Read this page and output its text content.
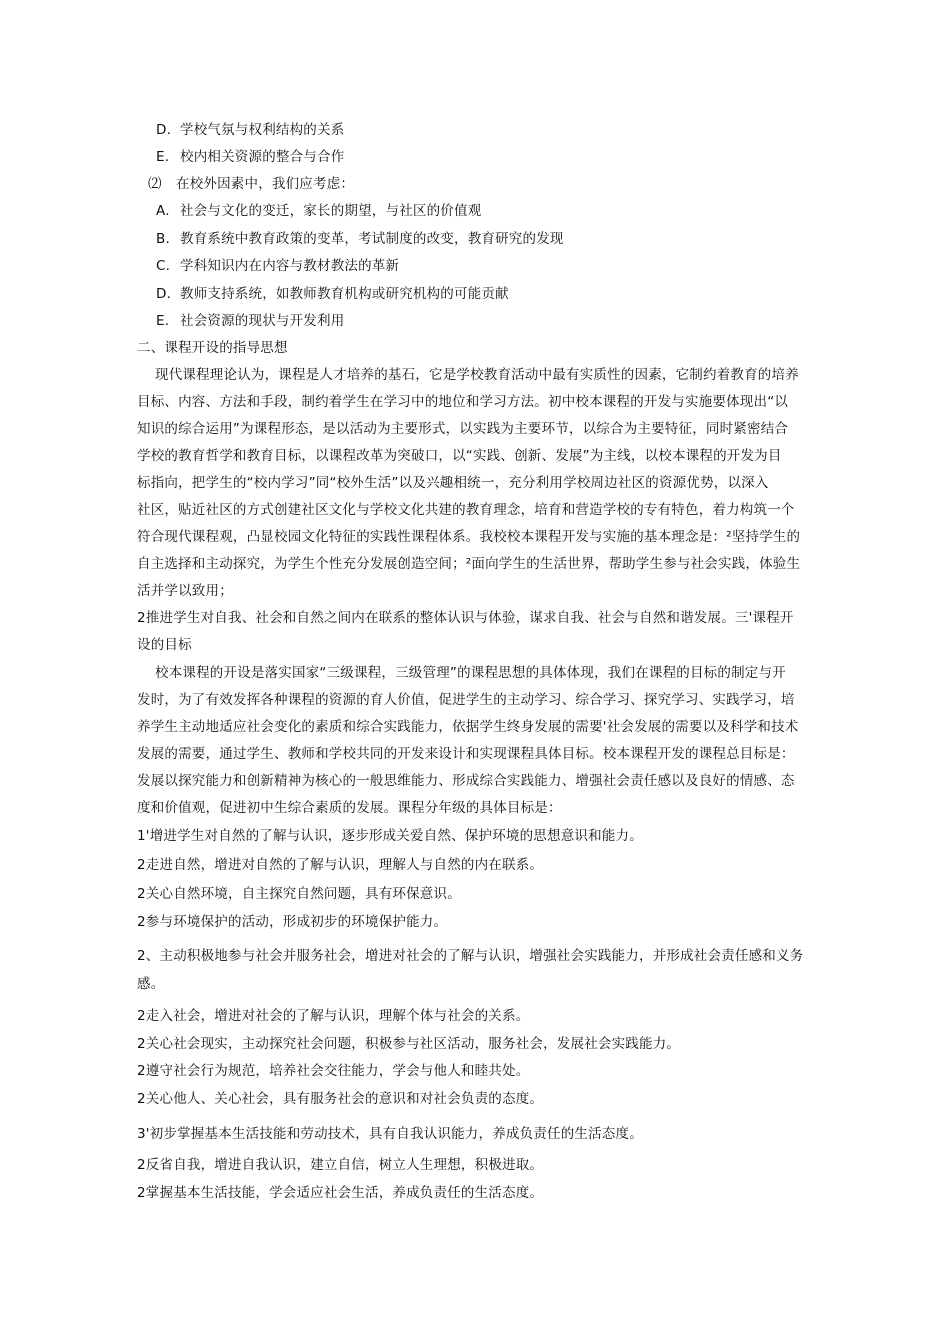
D. 学校气氛与权利结构的关系
E. 校内相关资源的整合与合作
⑵ 在校外因素中，我们应考虑：
A. 社会与文化的变迁，家长的期望，与社区的价值观
B. 教育系统中教育政策的变革，考试制度的改变，教育研究的发现
C. 学科知识内在内容与教材教法的革新
D. 教师支持系统，如教师教育机构或研究机构的可能贡献
E. 社会资源的现状与开发利用
二、课程开设的指导思想
现代课程理论认为，课程是人才培养的基石，它是学校教育活动中最有实质性的因素，它制约着教育的培养
目标、内容、方法和手段，制约着学生在学习中的地位和学习方法。初中校本课程的开发与实施要体现出“以
知识的综合运用”为课程形态，是以活动为主要形式，以实践为主要环节，以综合为主要特征，同时紧密结合
学校的教育哲学和教育目标，以课程改革为突破口，以“实践、创新、发展”为主线，以校本课程的开发为目
标指向，把学生的“校内学习”同“校外生活”以及兴趣相统一，充分利用学校周边社区的资源优势，以深入
社区，贴近社区的方式创建社区文化与学校文化共建的教育理念，培育和营造学校的专有特色，着力构筑一个
符合现代课程观，凸显校园文化特征的实践性课程体系。我校校本课程开发与实施的基本理念是：²坚持学生的
自主选择和主动探究，为学生个性充分发展创造空间；²面向学生的生活世界，帮助学生参与社会实践，体验生
活并学以致用；
2推进学生对自我、社会和自然之间内在联系的整体认识与体验，谋求自我、社会与自然和谐发展。三'课程开
设的目标
校本课程的开设是落实国家“三级课程，三级管理”的课程思想的具体体现，我们在课程的目标的制定与开
发时，为了有效发挥各种课程的资源的育人价值，促进学生的主动学习、综合学习、探究学习、实践学习，培
养学生主动地适应社会变化的素质和综合实践能力，依据学生终身发展的需要'社会发展的需要以及科学和技术
发展的需要，通过学生、教师和学校共同的开发来设计和实现课程具体目标。校本课程开发的课程总目标是：
发展以探究能力和创新精神为核心的一般思维能力、形成综合实践能力、增强社会责任感以及良好的情感、态
度和价值观，促进初中生综合素质的发展。课程分年级的具体目标是：
1'增进学生对自然的了解与认识，逐步形成关爱自然、保护环境的思想意识和能力。
2走进自然，增进对自然的了解与认识，理解人与自然的内在联系。
2关心自然环境，自主探究自然问题，具有环保意识。
2参与环境保护的活动，形成初步的环境保护能力。
2、主动积极地参与社会并服务社会，增进对社会的了解与认识，增强社会实践能力，并形成社会责任感和义务
感。
2走入社会，增进对社会的了解与认识，理解个体与社会的关系。
2关心社会现实，主动探究社会问题，积极参与社区活动，服务社会，发展社会实践能力。
2遵守社会行为规范，培养社会交往能力，学会与他人和睦共处。
2关心他人、关心社会，具有服务社会的意识和对社会负责的态度。
3'初步掌握基本生活技能和劳动技术，具有自我认识能力，养成负责任的生活态度。
2反省自我，增进自我认识，建立自信，树立人生理想，积极进取。
2掌握基本生活技能，学会适应社会生活，养成负责任的生活态度。
